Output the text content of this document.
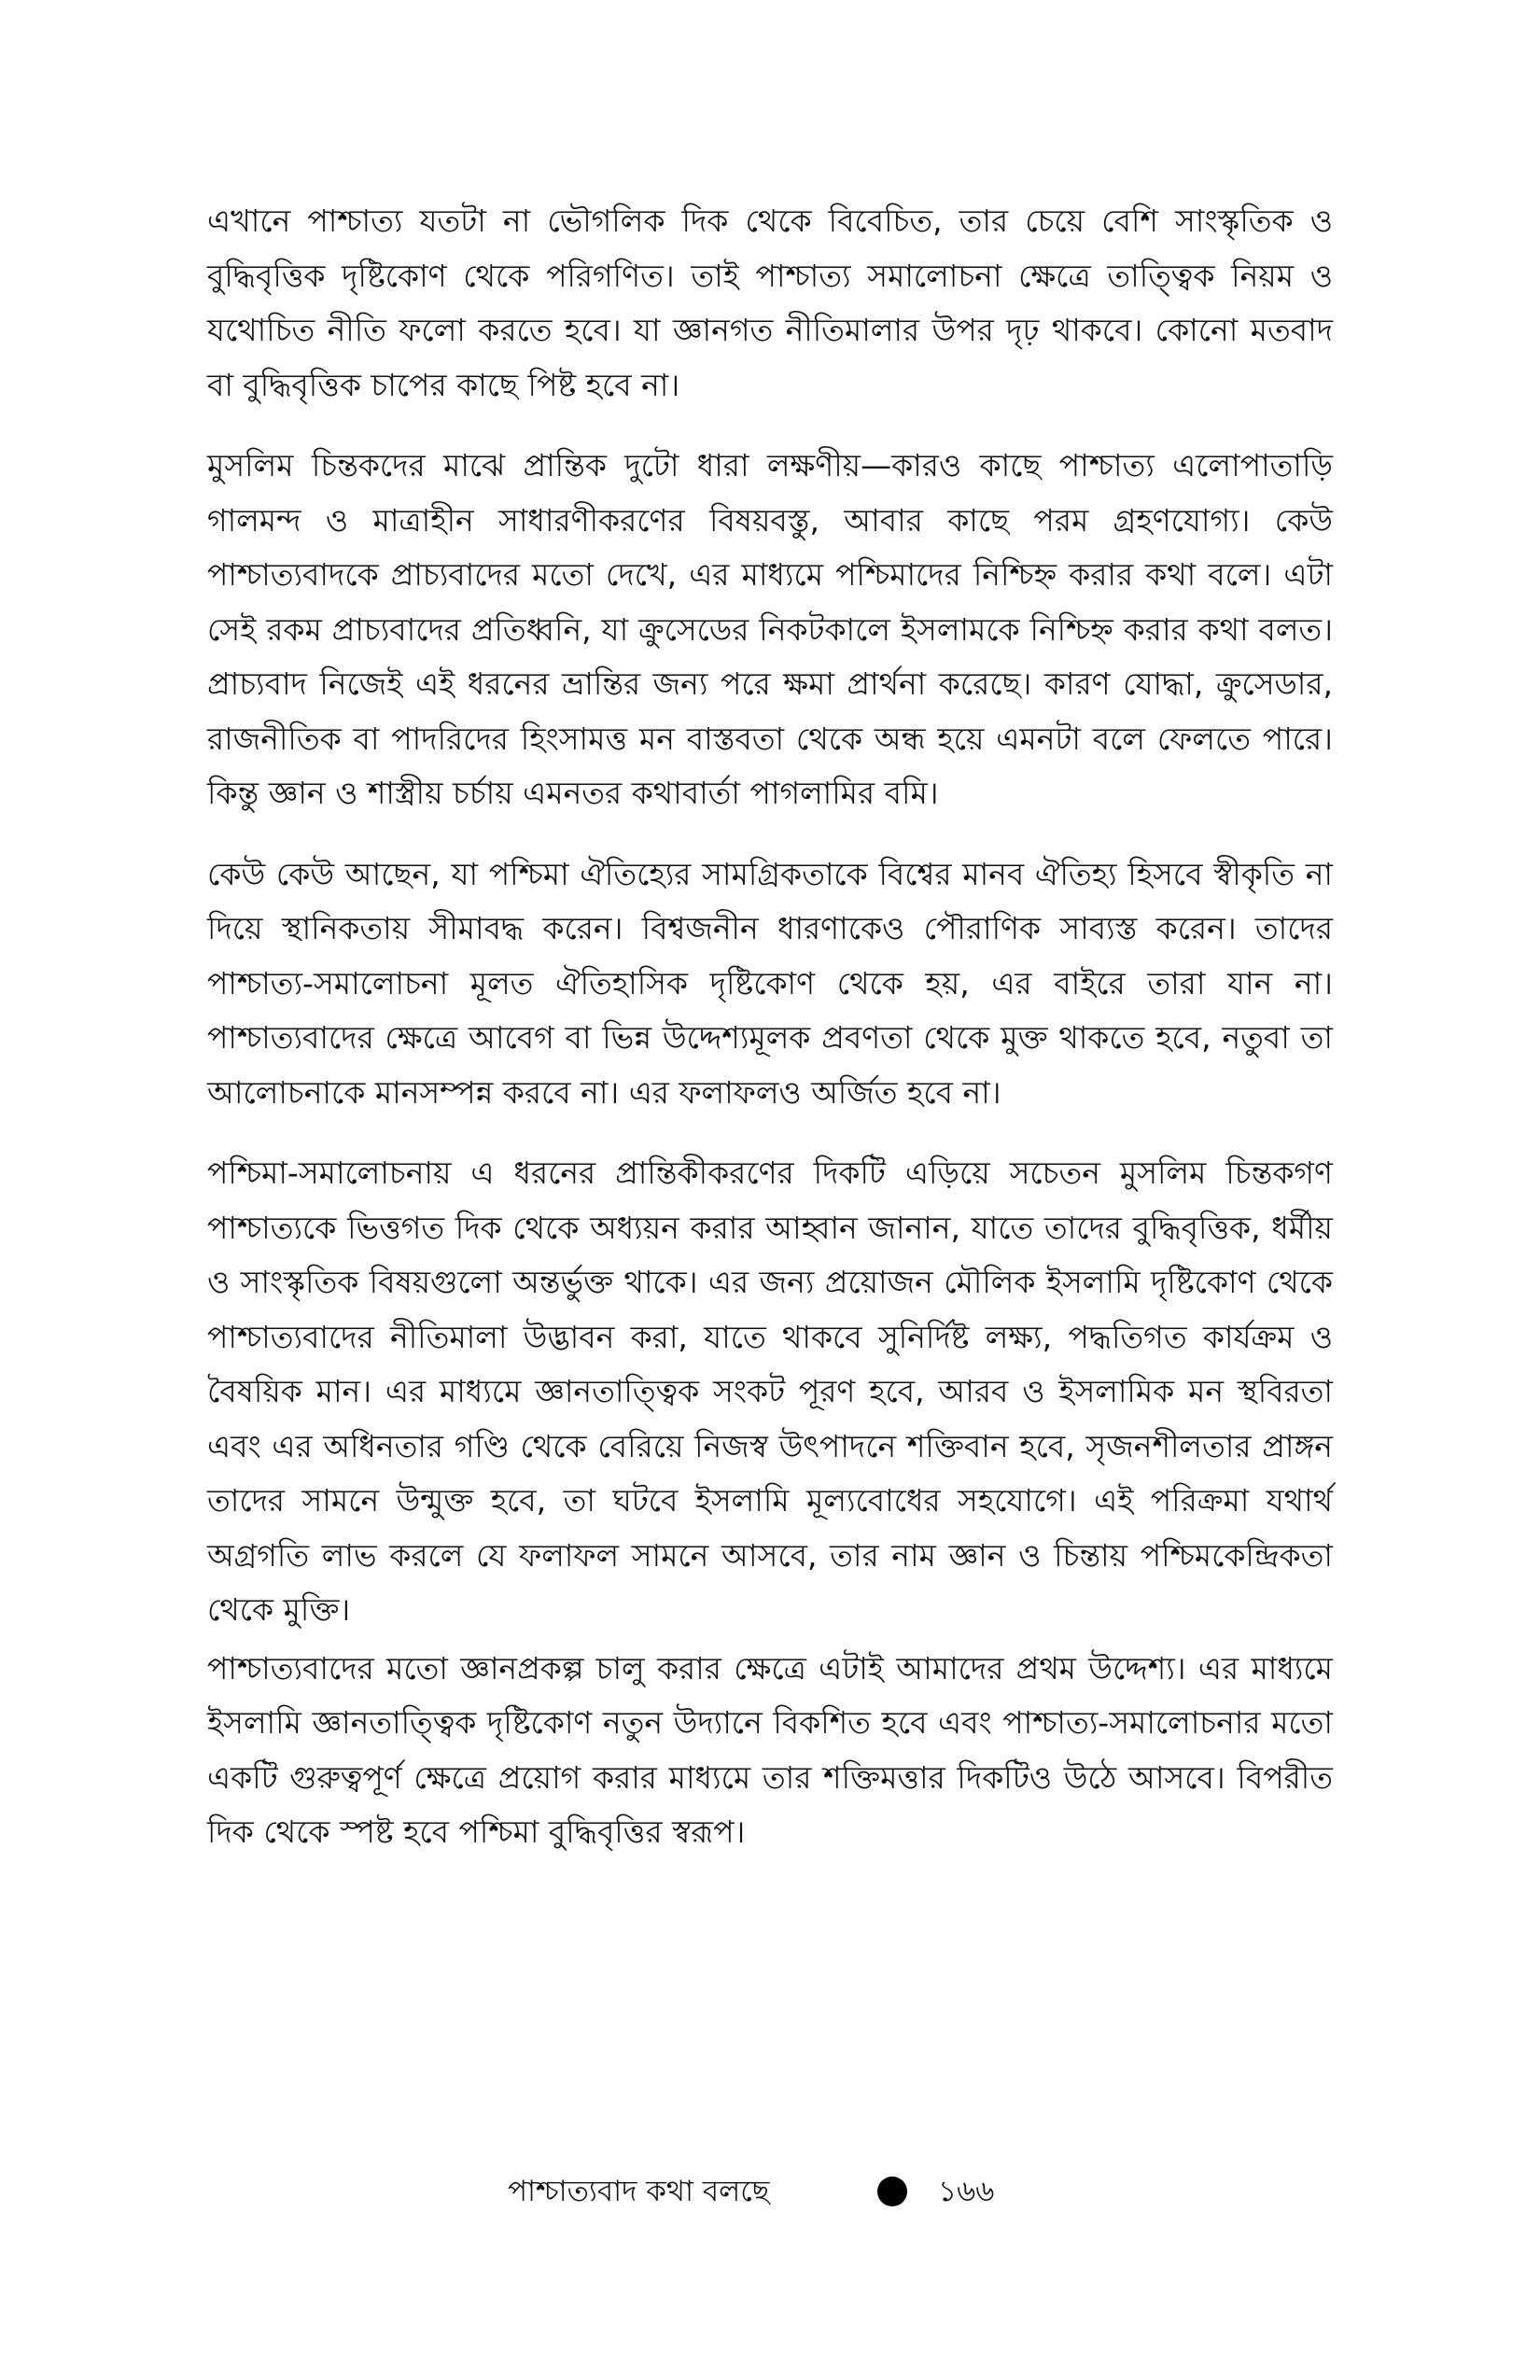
এখানে পাশ্চাত্য যতটা না ভৌগলিক দিক থেকে বিবেচিত, তার চেয়ে বেশি সাংস্কৃতিক ও বুদ্ধিবৃত্তিক দৃষ্টিকোণ থেকে পরিগণিত। তাই পাশ্চাত্য সমালোচনা ক্ষেত্রে তাত্ত্বিক নিয়ম ও যথোচিত নীতি ফলো করতে হবে। যা জ্ঞানগত নীতিমালার উপর দৃঢ় থাকবে। কোনো মতবাদ বা বুদ্ধিবৃত্তিক চাপের কাছে পিষ্ট হবে না।

মুসলিম চিন্তকদের মাঝে প্রান্তিক দুটো ধারা লক্ষণীয়—কারও কাছে পাশ্চাত্য এলোপাতাড়ি গালমন্দ ও মাত্রাহীন সাধারণীকরণের বিষয়বস্তু, আবার কাছে পরম গ্রহণযোগ্য। কেউ পাশ্চাত্যবাদকে প্রাচ্যবাদের মতো দেখে, এর মাধ্যমে পশ্চিমাদের নিশ্চিহ্ন করার কথা বলে। এটা সেই রকম প্রাচ্যবাদের প্রতিধ্বনি, যা ক্রুসেডের নিকটকালে ইসলামকে নিশ্চিহ্ন করার কথা বলত। প্রাচ্যবাদ নিজেই এই ধরনের ভ্রান্তির জন্য পরে ক্ষমা প্রার্থনা করেছে। কারণ যোদ্ধা, ক্রুসেডার, রাজনীতিক বা পাদরিদের হিংসামত্ত মন বাস্তবতা থেকে অন্ধ হয়ে এমনটা বলে ফেলতে পারে। কিন্তু জ্ঞান ও শাস্ত্রীয় চর্চায় এমনতর কথাবার্তা পাগলামির বমি।

কেউ কেউ আছেন, যা পশ্চিমা ঐতিহ্যের সামগ্রিকতাকে বিশ্বের মানব ঐতিহ্য হিসবে স্বীকৃতি না দিয়ে স্থানিকতায় সীমাবদ্ধ করেন। বিশ্বজনীন ধারণাকেও পৌরাণিক সাব্যস্ত করেন। তাদের পাশ্চাত্য-সমালোচনা মূলত ঐতিহাসিক দৃষ্টিকোণ থেকে হয়, এর বাইরে তারা যান না। পাশ্চাত্যবাদের ক্ষেত্রে আবেগ বা ভিন্ন উদ্দেশ্যমূলক প্রবণতা থেকে মুক্ত থাকতে হবে, নতুবা তা আলোচনাকে মানসম্পন্ন করবে না। এর ফলাফলও অর্জিত হবে না।

পশ্চিমা-সমালোচনায় এ ধরনের প্রান্তিকীকরণের দিকটি এড়িয়ে সচেতন মুসলিম চিন্তকগণ পাশ্চাত্যকে ভিত্তগত দিক থেকে অধ্যয়ন করার আহ্বান জানান, যাতে তাদের বুদ্ধিবৃত্তিক, ধর্মীয় ও সাংস্কৃতিক বিষয়গুলো অন্তর্ভুক্ত থাকে। এর জন্য প্রয়োজন মৌলিক ইসলামি দৃষ্টিকোণ থেকে পাশ্চাত্যবাদের নীতিমালা উদ্ভাবন করা, যাতে থাকবে সুনির্দিষ্ট লক্ষ্য, পদ্ধতিগত কার্যক্রম ও বৈষয়িক মান। এর মাধ্যমে জ্ঞানতাত্ত্বিক সংকট পূরণ হবে, আরব ও ইসলামিক মন স্থবিরতা এবং এর অধিনতার গণ্ডি থেকে বেরিয়ে নিজস্ব উৎপাদনে শক্তিবান হবে, সৃজনশীলতার প্রাঙ্গন তাদের সামনে উন্মুক্ত হবে, তা ঘটবে ইসলামি মূল্যবোধের সহযোগে। এই পরিক্রমা যথার্থ অগ্রগতি লাভ করলে যে ফলাফল সামনে আসবে, তার নাম জ্ঞান ও চিন্তায় পশ্চিমকেন্দ্রিকতা থেকে মুক্তি।

পাশ্চাত্যবাদের মতো জ্ঞানপ্রকল্প চালু করার ক্ষেত্রে এটাই আমাদের প্রথম উদ্দেশ্য। এর মাধ্যমে ইসলামি জ্ঞানতাত্ত্বিক দৃষ্টিকোণ নতুন উদ্যানে বিকশিত হবে এবং পাশ্চাত্য-সমালোচনার মতো একটি গুরুত্বপূর্ণ ক্ষেত্রে প্রয়োগ করার মাধ্যমে তার শক্তিমত্তার দিকটিও উঠে আসবে। বিপরীত দিক থেকে স্পষ্ট হবে পশ্চিমা বুদ্ধিবৃত্তির স্বরূপ।

পাশ্চাত্যবাদ কথা বলছে	১৬৬
